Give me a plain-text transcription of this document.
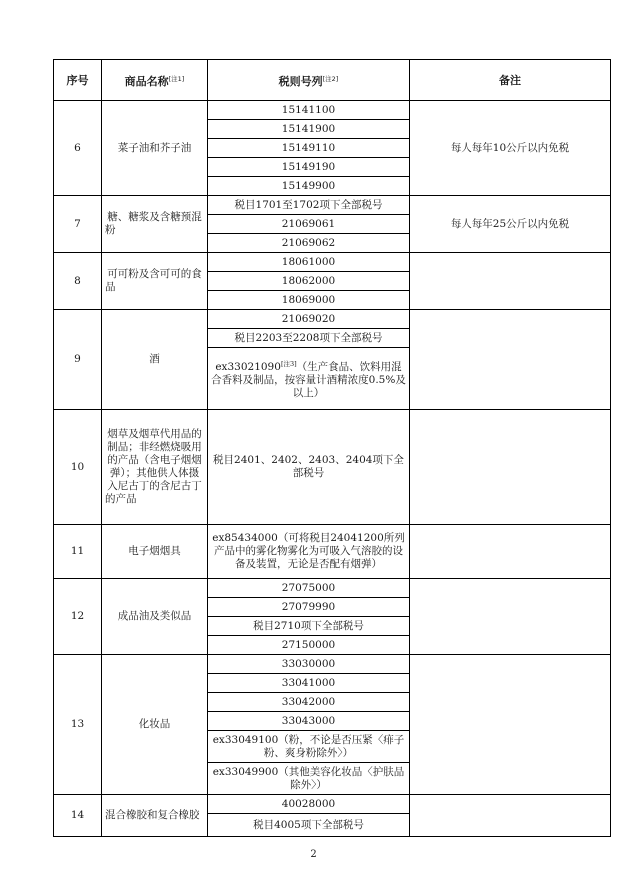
序号	商品名称[注1]	税则号列[注2]	备注
6	菜子油和芥子油	15141100	每人每年10公斤以内免税
		15141900	
		15149110	
		15149190	
		15149900	
7	糖、糖浆及含糖预混粉	税目1701至1702项下全部税号	每人每年25公斤以内免税
		21069061	
		21069062	
8	可可粉及含可可的食品	18061000	
		18062000	
		18069000	
9	酒	21069020	
		税目2203至2208项下全部税号	
		ex33021090[注3]（生产食品、饮料用混合香料及制品，按容量计酒精浓度0.5%及以上）	
10	烟草及烟草代用品的制品；非经燃烧吸用的产品（含电子烟烟弹）；其他供人体摄入尼古丁的含尼古丁的产品	税目2401、2402、2403、2404项下全部税号	
11	电子烟烟具	ex85434000（可将税目24041200所列产品中的雾化物雾化为可吸入气溶胶的设备及装置，无论是否配有烟弹）	
12	成品油及类似品	27075000	
		27079990	
		税目2710项下全部税号	
		27150000	
13	化妆品	33030000	
		33041000	
		33042000	
		33043000	
		ex33049100（粉，不论是否压紧〈痱子粉、爽身粉除外〉）	
		ex33049900（其他美容化妆品〈护肤品除外〉）	
14	混合橡胶和复合橡胶	40028000	
		税目4005项下全部税号	
2
